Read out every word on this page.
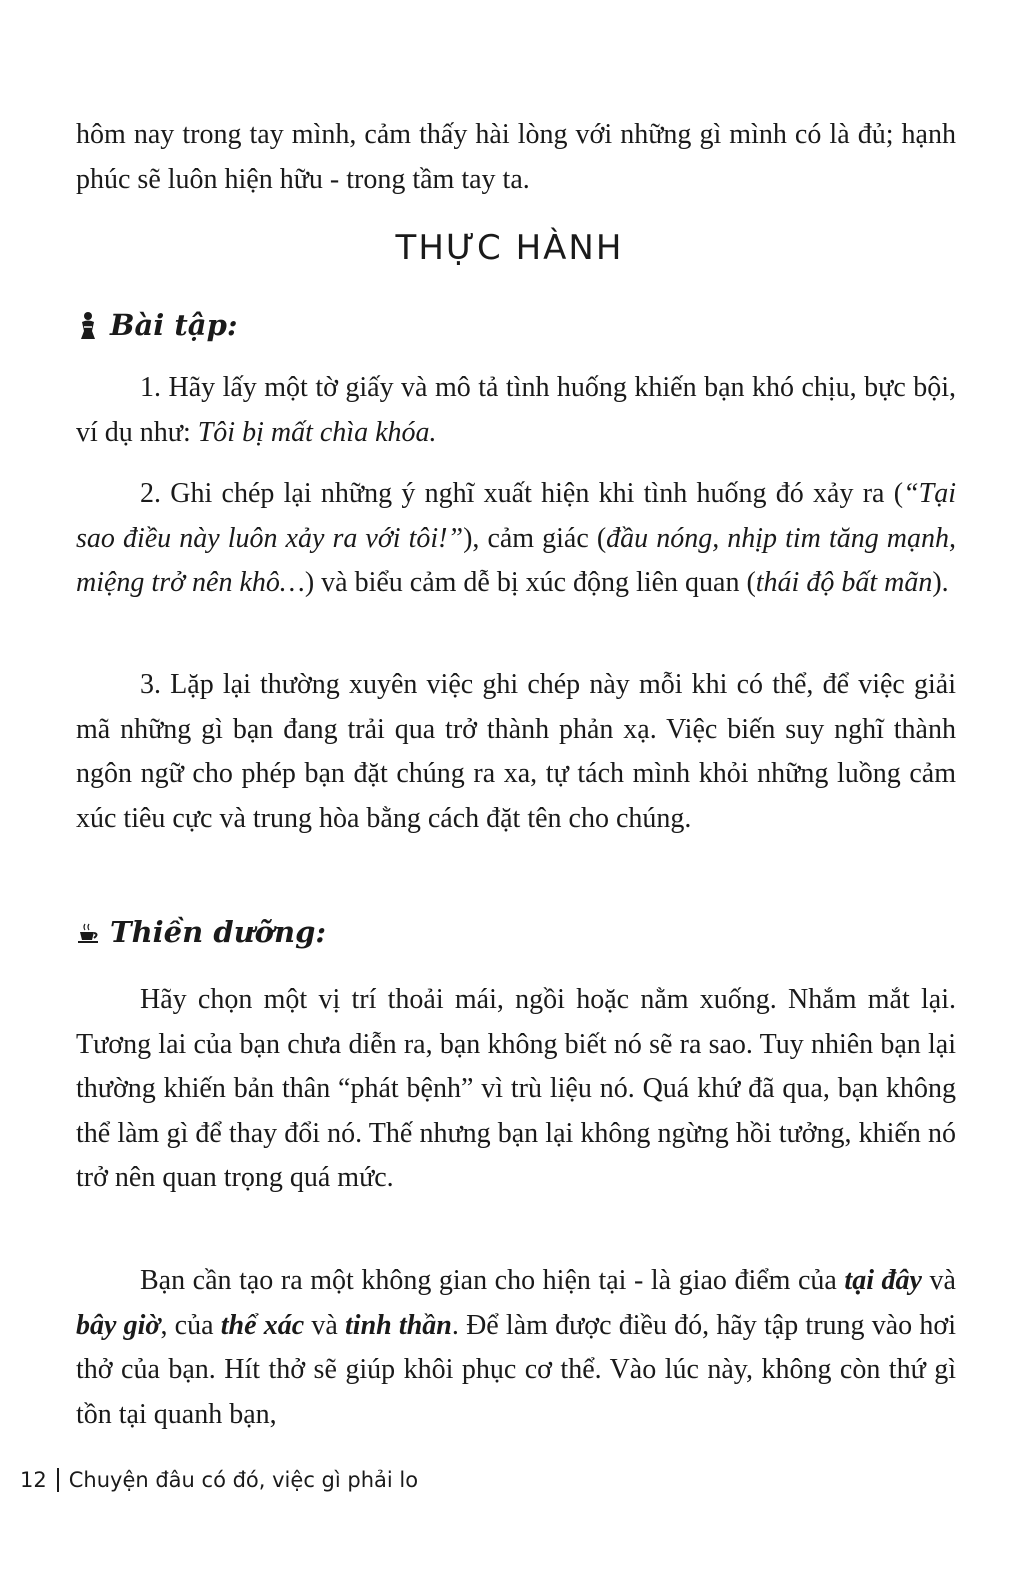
hôm nay trong tay mình, cảm thấy hài lòng với những gì mình có là đủ; hạnh phúc sẽ luôn hiện hữu - trong tầm tay ta.

THỰC HÀNH
Bài tập:

1. Hãy lấy một tờ giấy và mô tả tình huống khiến bạn khó chịu, bực bội, ví dụ như: Tôi bị mất chìa khóa.

2. Ghi chép lại những ý nghĩ xuất hiện khi tình huống đó xảy ra (“Tại sao điều này luôn xảy ra với tôi!”), cảm giác (đầu nóng, nhịp tim tăng mạnh, miệng trở nên khô…) và biểu cảm dễ bị xúc động liên quan (thái độ bất mãn).

3. Lặp lại thường xuyên việc ghi chép này mỗi khi có thể, để việc giải mã những gì bạn đang trải qua trở thành phản xạ. Việc biến suy nghĩ thành ngôn ngữ cho phép bạn đặt chúng ra xa, tự tách mình khỏi những luồng cảm xúc tiêu cực và trung hòa bằng cách đặt tên cho chúng.

Thiền dưỡng:

Hãy chọn một vị trí thoải mái, ngồi hoặc nằm xuống. Nhắm mắt lại. Tương lai của bạn chưa diễn ra, bạn không biết nó sẽ ra sao. Tuy nhiên bạn lại thường khiến bản thân “phát bệnh” vì trù liệu nó. Quá khứ đã qua, bạn không thể làm gì để thay đổi nó. Thế nhưng bạn lại không ngừng hồi tưởng, khiến nó trở nên quan trọng quá mức.

Bạn cần tạo ra một không gian cho hiện tại - là giao điểm của tại đây và bây giờ, của thể xác và tinh thần. Để làm được điều đó, hãy tập trung vào hơi thở của bạn. Hít thở sẽ giúp khôi phục cơ thể. Vào lúc này, không còn thứ gì tồn tại quanh bạn,

12 Chuyện đâu có đó, việc gì phải lo
